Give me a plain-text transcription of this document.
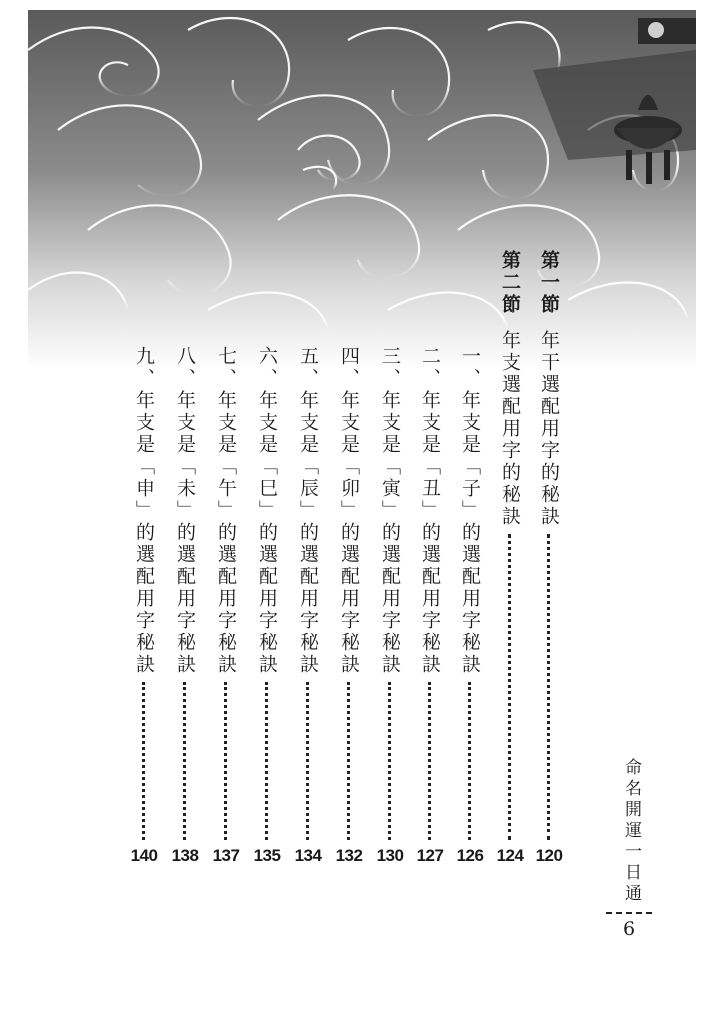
第一節年干選配用字的秘訣
120
第二節年支選配用字的秘訣
124
一、年支是「子」的選配用字秘訣
126
二、年支是「丑」的選配用字秘訣
127
三、年支是「寅」的選配用字秘訣
130
四、年支是「卯」的選配用字秘訣
132
五、年支是「辰」的選配用字秘訣
134
六、年支是「巳」的選配用字秘訣
135
七、年支是「午」的選配用字秘訣
137
八、年支是「未」的選配用字秘訣
138
九、年支是「申」的選配用字秘訣
140	命名開運一日通
6
